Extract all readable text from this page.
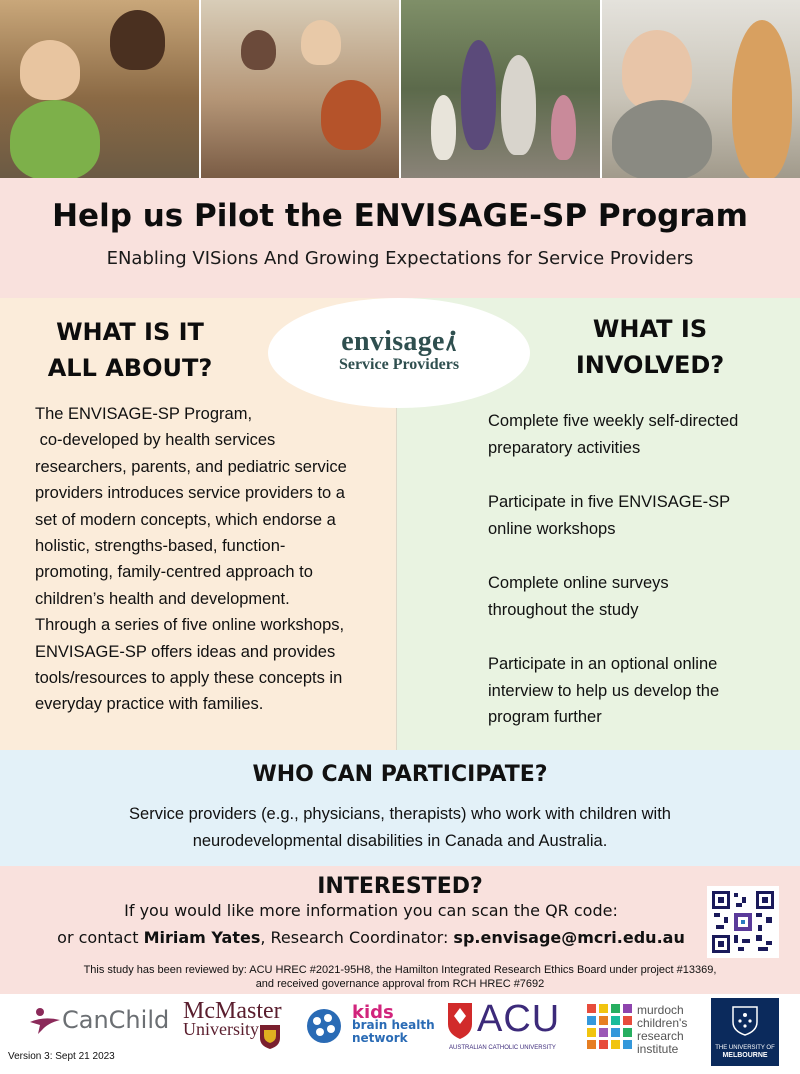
Help us Pilot the ENVISAGE-SP Program
ENabling VISions And Growing Expectations for Service Providers
WHAT IS IT
ALL ABOUT?
WHAT IS
INVOLVED?
envisage
Service Providers
The ENVISAGE-SP Program,
co-developed by health services
researchers, parents, and pediatric service
providers introduces service providers to a
set of modern concepts, which endorse a
holistic, strengths-based, function-
promoting, family-centred approach to
children’s health and development.
Through a series of five online workshops,
ENVISAGE-SP offers ideas and provides
tools/resources to apply these concepts in
everyday practice with families.

Complete five weekly self-directed
preparatory activities

Participate in five ENVISAGE-SP
online workshops

Complete online surveys
throughout the study

Participate in an optional online
interview to help us develop the
program further

WHO CAN PARTICIPATE?
Service providers (e.g., physicians, therapists) who work with children with
neurodevelopmental disabilities in Canada and Australia.
INTERESTED?
If you would like more information you can scan the QR code:
or contact Miriam Yates, Research Coordinator: sp.envisage@mcri.edu.au
This study has been reviewed by: ACU HREC #2021-95H8, the Hamilton Integrated Research Ethics Board under project #13369,
and received governance approval from RCH HREC #7692
CanChild McMaster
University
kids
brain health
network	ACU
AUSTRALIAN CATHOLIC UNIVERSITY
murdoch
children's
research
institute	THE UNIVERSITY OF
MELBOURNE
Version 3: Sept 21 2023
